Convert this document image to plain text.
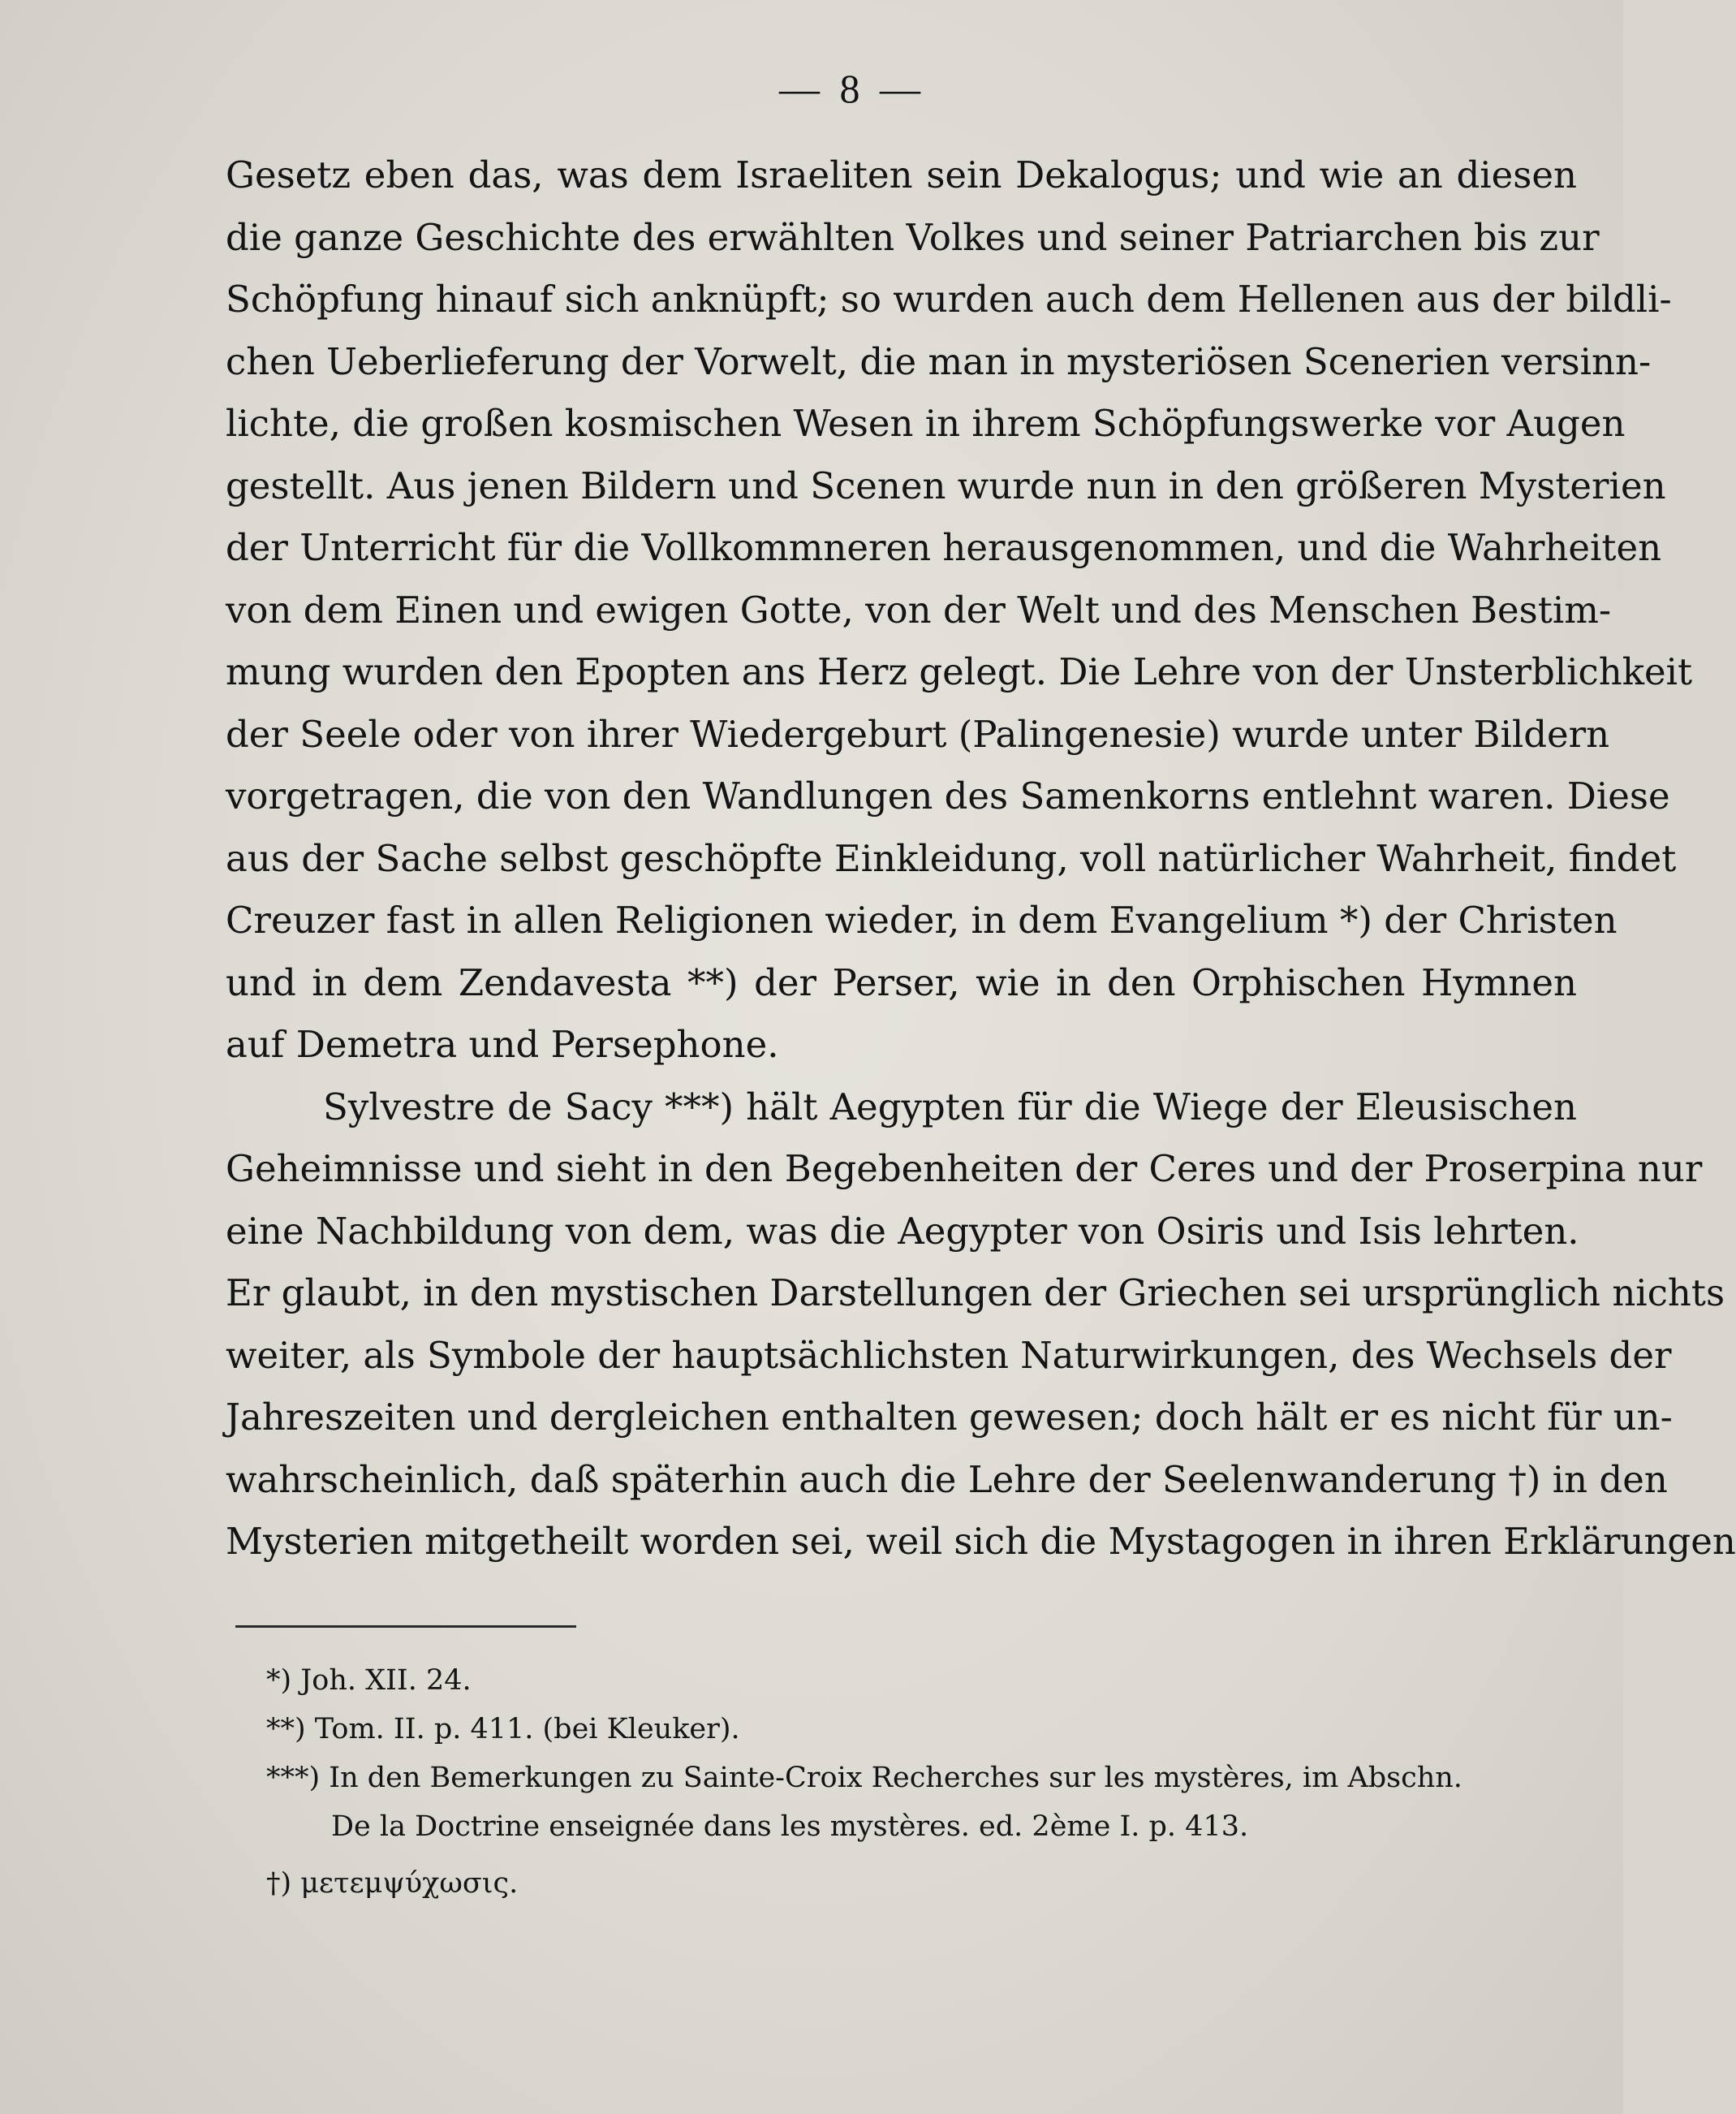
— 8 —
Gesetz eben das, was dem Israeliten sein Dekalogus; und wie an diesen
die ganze Geschichte des erwählten Volkes und seiner Patriarchen bis zur
Schöpfung hinauf sich anknüpft; so wurden auch dem Hellenen aus der bildli-
chen Ueberlieferung der Vorwelt, die man in mysteriösen Scenerien versinn-
lichte, die großen kosmischen Wesen in ihrem Schöpfungswerke vor Augen
gestellt. Aus jenen Bildern und Scenen wurde nun in den größeren Mysterien
der Unterricht für die Vollkommneren herausgenommen, und die Wahrheiten
von dem Einen und ewigen Gotte, von der Welt und des Menschen Bestim-
mung wurden den Epopten ans Herz gelegt. Die Lehre von der Unsterblichkeit
der Seele oder von ihrer Wiedergeburt (Palingenesie) wurde unter Bildern
vorgetragen, die von den Wandlungen des Samenkorns entlehnt waren. Diese
aus der Sache selbst geschöpfte Einkleidung, voll natürlicher Wahrheit, findet
Creuzer fast in allen Religionen wieder, in dem Evangelium *) der Christen
und in dem Zendavesta **) der Perser, wie in den Orphischen Hymnen
auf Demetra und Persephone.
Sylvestre de Sacy ***) hält Aegypten für die Wiege der Eleusischen
Geheimnisse und sieht in den Begebenheiten der Ceres und der Proserpina nur
eine Nachbildung von dem, was die Aegypter von Osiris und Isis lehrten.
Er glaubt, in den mystischen Darstellungen der Griechen sei ursprünglich nichts
weiter, als Symbole der hauptsächlichsten Naturwirkungen, des Wechsels der
Jahreszeiten und dergleichen enthalten gewesen; doch hält er es nicht für un-
wahrscheinlich, daß späterhin auch die Lehre der Seelenwanderung †) in den
Mysterien mitgetheilt worden sei, weil sich die Mystagogen in ihren Erklärungen
*) Joh. XII. 24.
**) Tom. II. p. 411. (bei Kleuker).
***) In den Bemerkungen zu Sainte-Croix Recherches sur les mystères, im Abschn.
De la Doctrine enseignée dans les mystères. ed. 2ème I. p. 413.
†) μετεμψύχωσις.
